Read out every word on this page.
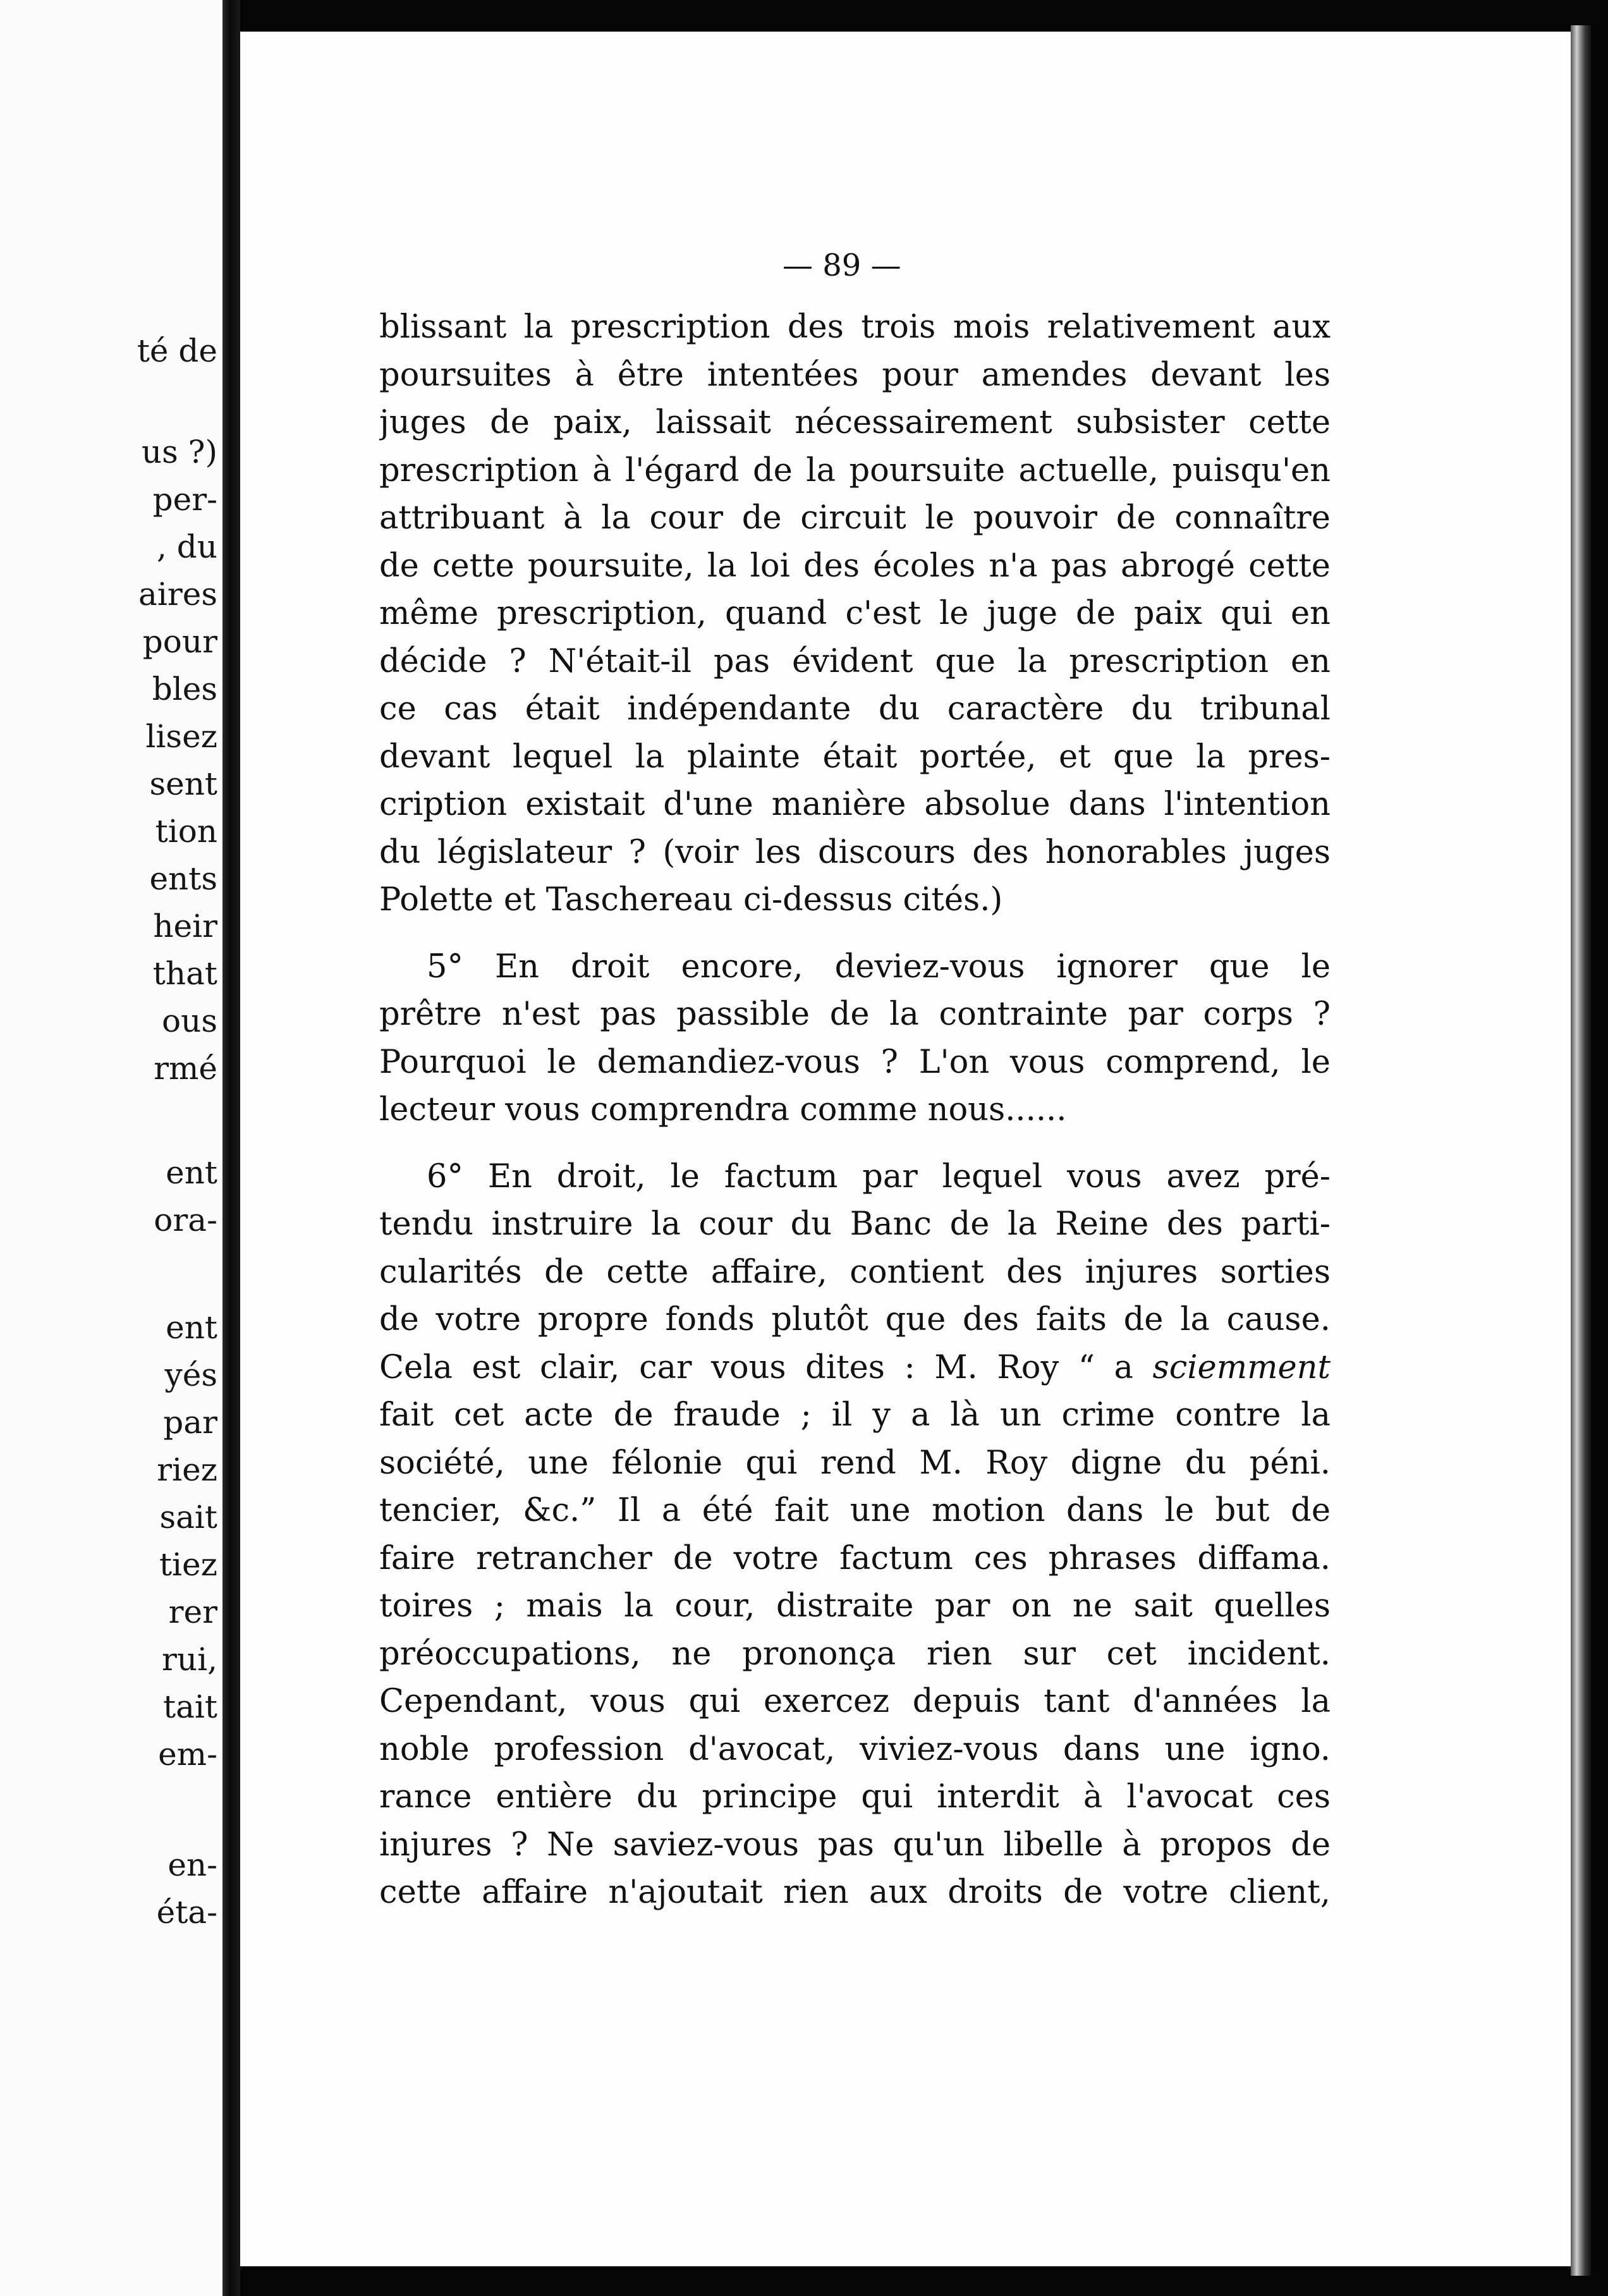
té de
us ?)
per-
, du
aires
pour
bles
lisez
sent
tion
ents
heir
that
ous
rmé
ent
ora-
ent
yés
par
riez
sait
tiez
rer
rui,
tait
em-
en-
éta-
— 89 —
blissant la prescription des trois mois relativement aux
poursuites à être intentées pour amendes devant les
juges de paix, laissait nécessairement subsister cette
prescription à l'égard de la poursuite actuelle, puisqu'en
attribuant à la cour de circuit le pouvoir de connaître
de cette poursuite, la loi des écoles n'a pas abrogé cette
même prescription, quand c'est le juge de paix qui en
décide ? N'était-il pas évident que la prescription en
ce cas était indépendante du caractère du tribunal
devant lequel la plainte était portée, et que la pres-
cription existait d'une manière absolue dans l'intention
du législateur ? (voir les discours des honorables juges
Polette et Taschereau ci-dessus cités.)
5° En droit encore, deviez-vous ignorer que le
prêtre n'est pas passible de la contrainte par corps ?
Pourquoi le demandiez-vous ? L'on vous comprend, le
lecteur vous comprendra comme nous......
6° En droit, le factum par lequel vous avez pré-
tendu instruire la cour du Banc de la Reine des parti-
cularités de cette affaire, contient des injures sorties
de votre propre fonds plutôt que des faits de la cause.
Cela est clair, car vous dites : M. Roy “ a sciemment
fait cet acte de fraude ; il y a là un crime contre la
société, une félonie qui rend M. Roy digne du péni.
tencier, &c.” Il a été fait une motion dans le but de
faire retrancher de votre factum ces phrases diffama.
toires ; mais la cour, distraite par on ne sait quelles
préoccupations, ne prononça rien sur cet incident.
Cependant, vous qui exercez depuis tant d'années la
noble profession d'avocat, viviez-vous dans une igno.
rance entière du principe qui interdit à l'avocat ces
injures ? Ne saviez-vous pas qu'un libelle à propos de
cette affaire n'ajoutait rien aux droits de votre client,
